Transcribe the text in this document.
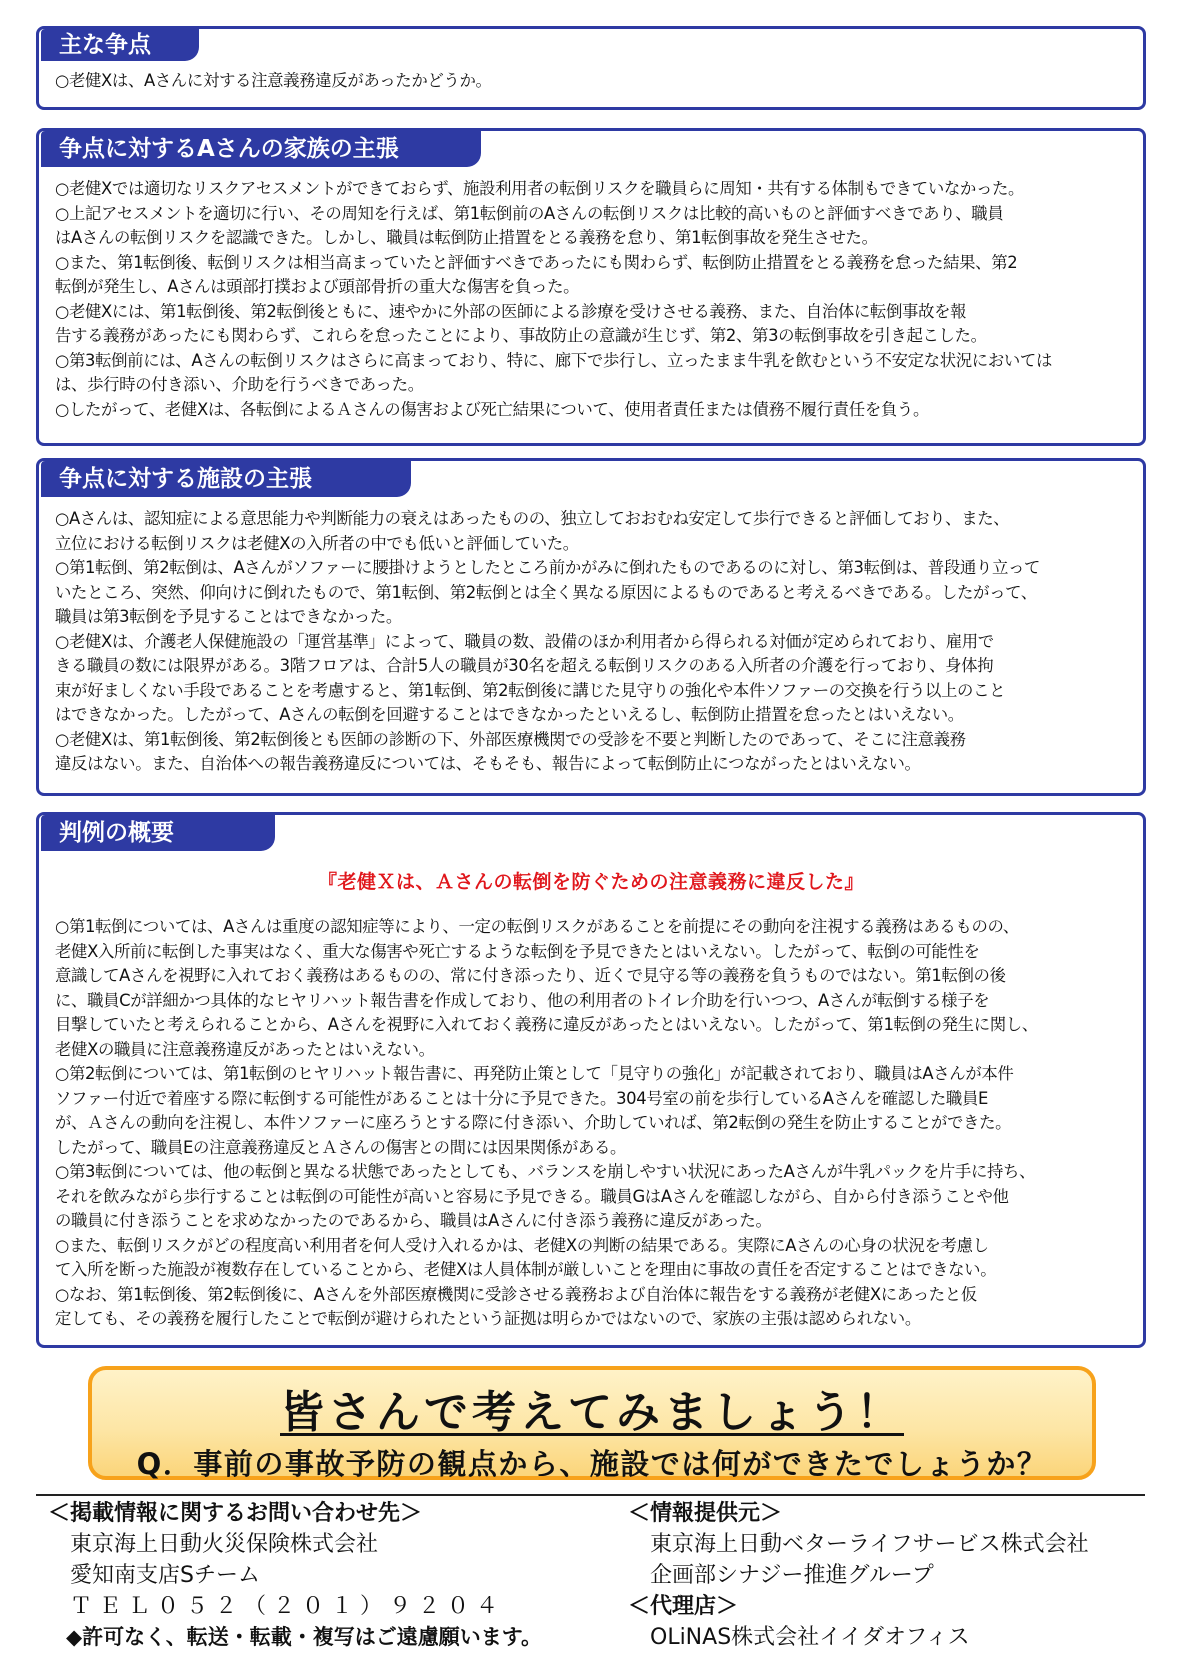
主な争点
○老健Xは、Aさんに対する注意義務違反があったかどうか。
争点に対するAさんの家族の主張
○老健Xでは適切なリスクアセスメントができておらず、施設利用者の転倒リスクを職員らに周知・共有する体制もできていなかった。
○上記アセスメントを適切に行い、その周知を行えば、第1転倒前のAさんの転倒リスクは比較的高いものと評価すべきであり、職員
はAさんの転倒リスクを認識できた。しかし、職員は転倒防止措置をとる義務を怠り、第1転倒事故を発生させた。
○また、第1転倒後、転倒リスクは相当高まっていたと評価すべきであったにも関わらず、転倒防止措置をとる義務を怠った結果、第2
転倒が発生し、Aさんは頭部打撲および頭部骨折の重大な傷害を負った。
○老健Xには、第1転倒後、第2転倒後ともに、速やかに外部の医師による診療を受けさせる義務、また、自治体に転倒事故を報
告する義務があったにも関わらず、これらを怠ったことにより、事故防止の意識が生じず、第2、第3の転倒事故を引き起こした。
○第3転倒前には、Aさんの転倒リスクはさらに高まっており、特に、廊下で歩行し、立ったまま牛乳を飲むという不安定な状況においては
は、歩行時の付き添い、介助を行うべきであった。
○したがって、老健Xは、各転倒によるＡさんの傷害および死亡結果について、使用者責任または債務不履行責任を負う。
争点に対する施設の主張
○Aさんは、認知症による意思能力や判断能力の衰えはあったものの、独立しておおむね安定して歩行できると評価しており、また、
立位における転倒リスクは老健Xの入所者の中でも低いと評価していた。
○第1転倒、第2転倒は、Aさんがソファーに腰掛けようとしたところ前かがみに倒れたものであるのに対し、第3転倒は、普段通り立って
いたところ、突然、仰向けに倒れたもので、第1転倒、第2転倒とは全く異なる原因によるものであると考えるべきである。したがって、
職員は第3転倒を予見することはできなかった。
○老健Xは、介護老人保健施設の「運営基準」によって、職員の数、設備のほか利用者から得られる対価が定められており、雇用で
きる職員の数には限界がある。3階フロアは、合計5人の職員が30名を超える転倒リスクのある入所者の介護を行っており、身体拘
束が好ましくない手段であることを考慮すると、第1転倒、第2転倒後に講じた見守りの強化や本件ソファーの交換を行う以上のこと
はできなかった。したがって、Aさんの転倒を回避することはできなかったといえるし、転倒防止措置を怠ったとはいえない。
○老健Xは、第1転倒後、第2転倒後とも医師の診断の下、外部医療機関での受診を不要と判断したのであって、そこに注意義務
違反はない。また、自治体への報告義務違反については、そもそも、報告によって転倒防止につながったとはいえない。
判例の概要
『老健Ｘは、Ａさんの転倒を防ぐための注意義務に違反した』
○第1転倒については、Aさんは重度の認知症等により、一定の転倒リスクがあることを前提にその動向を注視する義務はあるものの、
老健X入所前に転倒した事実はなく、重大な傷害や死亡するような転倒を予見できたとはいえない。したがって、転倒の可能性を
意識してAさんを視野に入れておく義務はあるものの、常に付き添ったり、近くで見守る等の義務を負うものではない。第1転倒の後
に、職員Cが詳細かつ具体的なヒヤリハット報告書を作成しており、他の利用者のトイレ介助を行いつつ、Aさんが転倒する様子を
目撃していたと考えられることから、Aさんを視野に入れておく義務に違反があったとはいえない。したがって、第1転倒の発生に関し、
老健Xの職員に注意義務違反があったとはいえない。
○第2転倒については、第1転倒のヒヤリハット報告書に、再発防止策として「見守りの強化」が記載されており、職員はAさんが本件
ソファー付近で着座する際に転倒する可能性があることは十分に予見できた。304号室の前を歩行しているAさんを確認した職員E
が、Ａさんの動向を注視し、本件ソファーに座ろうとする際に付き添い、介助していれば、第2転倒の発生を防止することができた。
したがって、職員Eの注意義務違反とＡさんの傷害との間には因果関係がある。
○第3転倒については、他の転倒と異なる状態であったとしても、バランスを崩しやすい状況にあったAさんが牛乳パックを片手に持ち、
それを飲みながら歩行することは転倒の可能性が高いと容易に予見できる。職員GはAさんを確認しながら、自から付き添うことや他
の職員に付き添うことを求めなかったのであるから、職員はAさんに付き添う義務に違反があった。
○また、転倒リスクがどの程度高い利用者を何人受け入れるかは、老健Xの判断の結果である。実際にAさんの心身の状況を考慮し
て入所を断った施設が複数存在していることから、老健Xは人員体制が厳しいことを理由に事故の責任を否定することはできない。
○なお、第1転倒後、第2転倒後に、Aさんを外部医療機関に受診させる義務および自治体に報告をする義務が老健Xにあったと仮
定しても、その義務を履行したことで転倒が避けられたという証拠は明らかではないので、家族の主張は認められない。
皆さんで考えてみましょう！
Q．事前の事故予防の観点から、施設では何ができたでしょうか？
＜掲載情報に関するお問い合わせ先＞
東京海上日動火災保険株式会社
愛知南支店Sチーム
ＴＥＬ０５２（２０１）９２０４
◆許可なく、転送・転載・複写はご遠慮願います。
＜情報提供元＞
東京海上日動ベターライフサービス株式会社
企画部シナジー推進グループ
＜代理店＞
OLiNAS株式会社イイダオフィス
